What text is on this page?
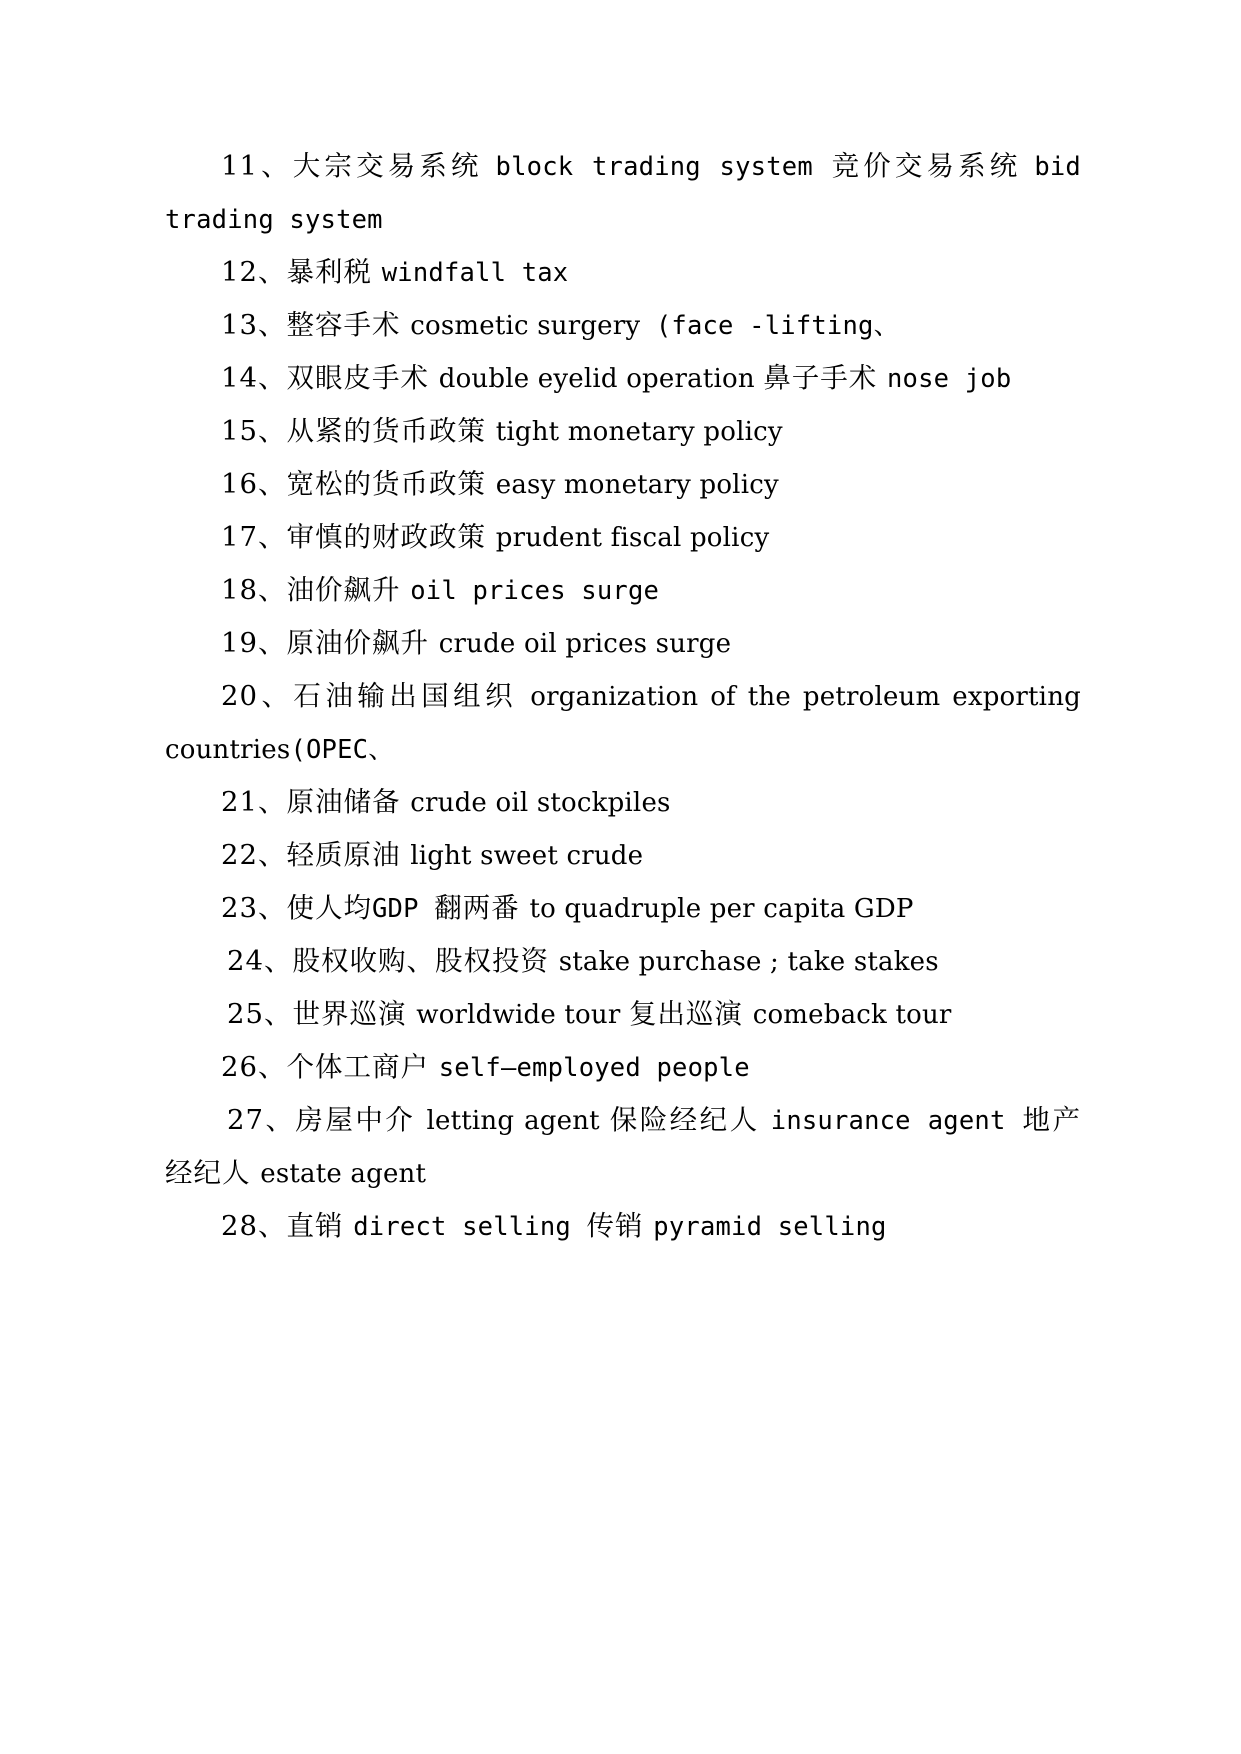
11、大宗交易系统 block trading system 竞价交易系统 bid trading system

12、暴利税 windfall tax

13、整容手术 cosmetic surgery (face -lifting、

14、双眼皮手术 double eyelid operation 鼻子手术 nose job

15、从紧的货币政策 tight monetary policy

16、宽松的货币政策 easy monetary policy

17、审慎的财政政策 prudent fiscal policy

18、油价飙升 oil prices surge

19、原油价飙升 crude oil prices surge

20、石油输出国组织 organization of the petroleum exporting countries(OPEC、

21、原油储备 crude oil stockpiles

22、轻质原油 light sweet crude

23、使人均GDP 翻两番 to quadruple per capita GDP

24、股权收购、股权投资 stake purchase ; take stakes

25、世界巡演 worldwide tour 复出巡演 comeback tour

26、个体工商户 self—employed people

27、房屋中介 letting agent 保险经纪人 insurance agent 地产经纪人 estate agent

28、直销 direct selling 传销 pyramid selling
